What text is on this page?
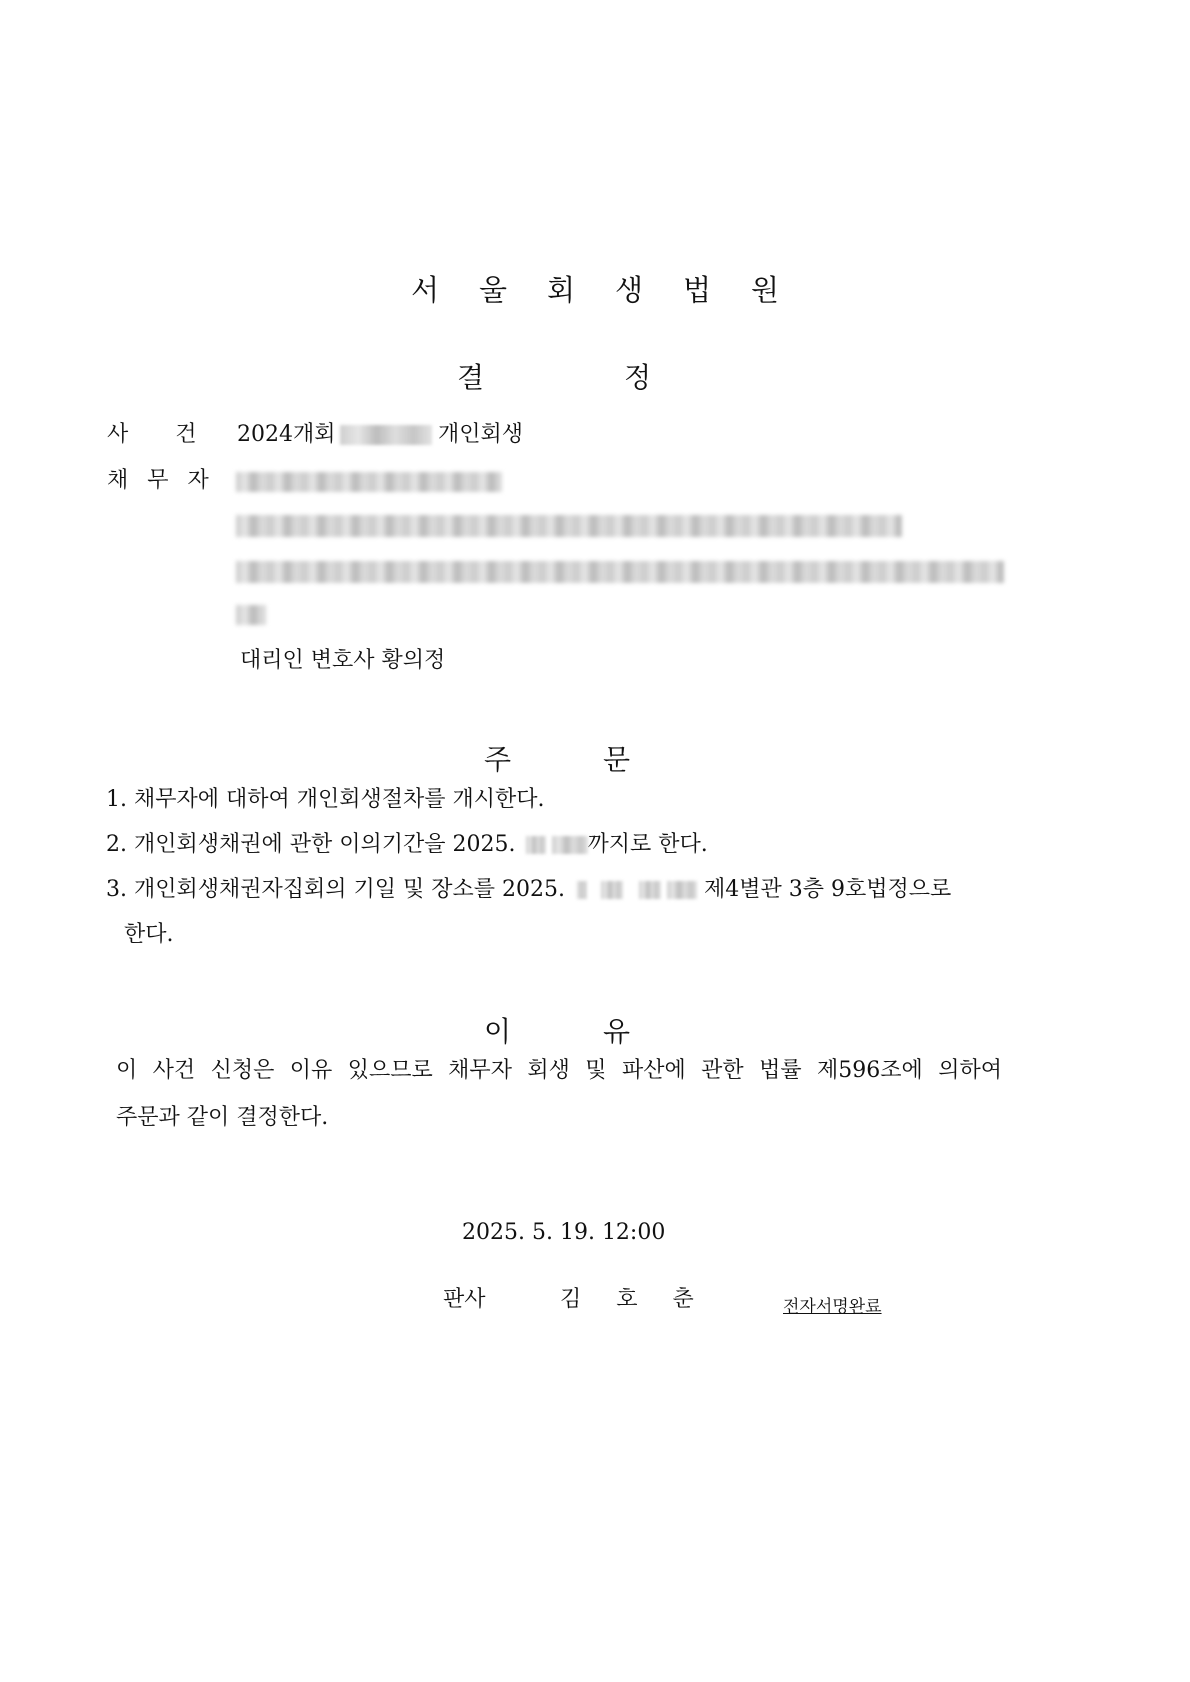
서울회생법원
결	정
사 건 2024개회	개인회생
채 무 자
대리인 변호사 황의정
주	문
1. 채무자에 대하여 개인회생절차를 개시한다.
2. 개인회생채권에 관한 이의기간을 2025.	까지로 한다.
3. 개인회생채권자집회의 기일 및 장소를 2025.	제4별관 3층 9호법정으로
한다.
이	유
이 사건 신청은 이유 있으므로 채무자 회생 및 파산에 관한 법률 제596조에 의하여
주문과 같이 결정한다.
2025. 5. 19. 12:00
판사	김 호 춘	전자서명완료
